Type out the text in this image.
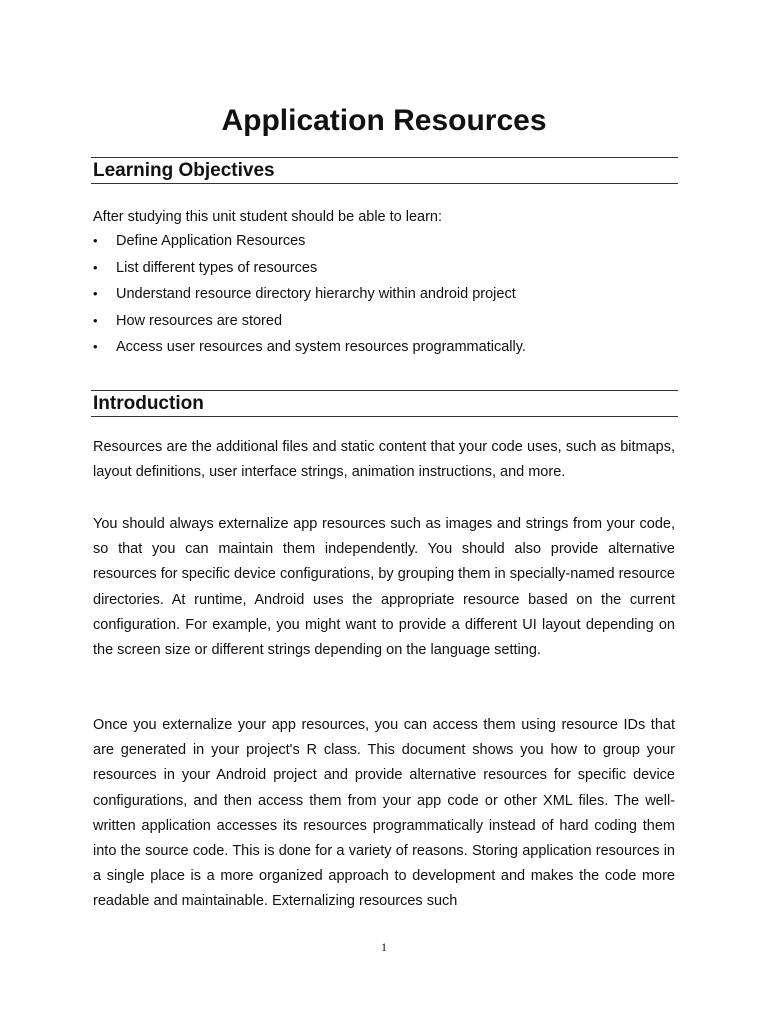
Application Resources
Learning Objectives

After studying this unit student should be able to learn:

• Define Application Resources
• List different types of resources
• Understand resource directory hierarchy within android project
• How resources are stored
• Access user resources and system resources programmatically.
Introduction

Resources are the additional files and static content that your code uses, such as bitmaps, layout definitions, user interface strings, animation instructions, and more.

You should always externalize app resources such as images and strings from your code, so that you can maintain them independently. You should also provide alternative resources for specific device configurations, by grouping them in specially-named resource directories. At runtime, Android uses the appropriate resource based on the current configuration. For example, you might want to provide a different UI layout depending on the screen size or different strings depending on the language setting.

Once you externalize your app resources, you can access them using resource IDs that are generated in your project's R class. This document shows you how to group your resources in your Android project and provide alternative resources for specific device configurations, and then access them from your app code or other XML files. The well-written application accesses its resources programmatically instead of hard coding them into the source code. This is done for a variety of reasons. Storing application resources in a single place is a more organized approach to development and makes the code more readable and maintainable. Externalizing resources such

1
